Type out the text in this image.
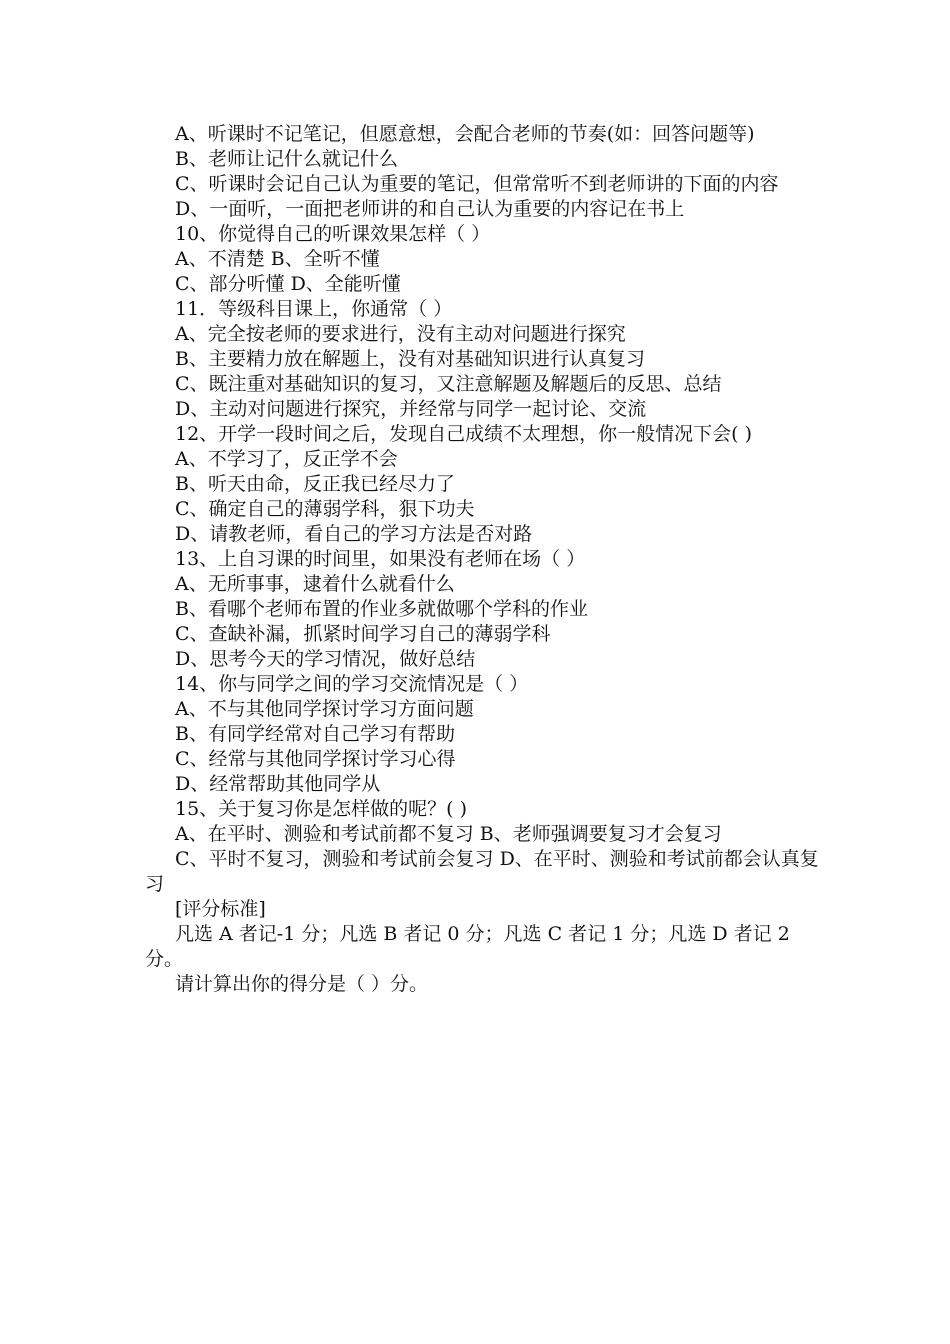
A、听课时不记笔记，但愿意想，会配合老师的节奏(如：回答问题等)

B、老师让记什么就记什么

C、听课时会记自己认为重要的笔记，但常常听不到老师讲的下面的内容

D、一面听，一面把老师讲的和自己认为重要的内容记在书上

10、你觉得自己的听课效果怎样（ ）

A、不清楚 B、全听不懂

C、部分听懂 D、全能听懂

11．等级科目课上，你通常（ ）

A、完全按老师的要求进行，没有主动对问题进行探究

B、主要精力放在解题上，没有对基础知识进行认真复习

C、既注重对基础知识的复习，又注意解题及解题后的反思、总结

D、主动对问题进行探究，并经常与同学一起讨论、交流

12、开学一段时间之后，发现自己成绩不太理想，你一般情况下会( )

A、不学习了，反正学不会

B、听天由命，反正我已经尽力了

C、确定自己的薄弱学科，狠下功夫

D、请教老师，看自己的学习方法是否对路

13、上自习课的时间里，如果没有老师在场（ ）

A、无所事事，逮着什么就看什么

B、看哪个老师布置的作业多就做哪个学科的作业

C、查缺补漏，抓紧时间学习自己的薄弱学科

D、思考今天的学习情况，做好总结

14、你与同学之间的学习交流情况是（ ）

A、不与其他同学探讨学习方面问题

B、有同学经常对自己学习有帮助

C、经常与其他同学探讨学习心得

D、经常帮助其他同学从

15、关于复习你是怎样做的呢？( )

A、在平时、测验和考试前都不复习 B、老师强调要复习才会复习

C、平时不复习，测验和考试前会复习 D、在平时、测验和考试前都会认真复习

[评分标准]

凡选 A 者记-1 分；凡选 B 者记 0 分；凡选 C 者记 1 分；凡选 D 者记 2 分。

请计算出你的得分是（ ）分。
